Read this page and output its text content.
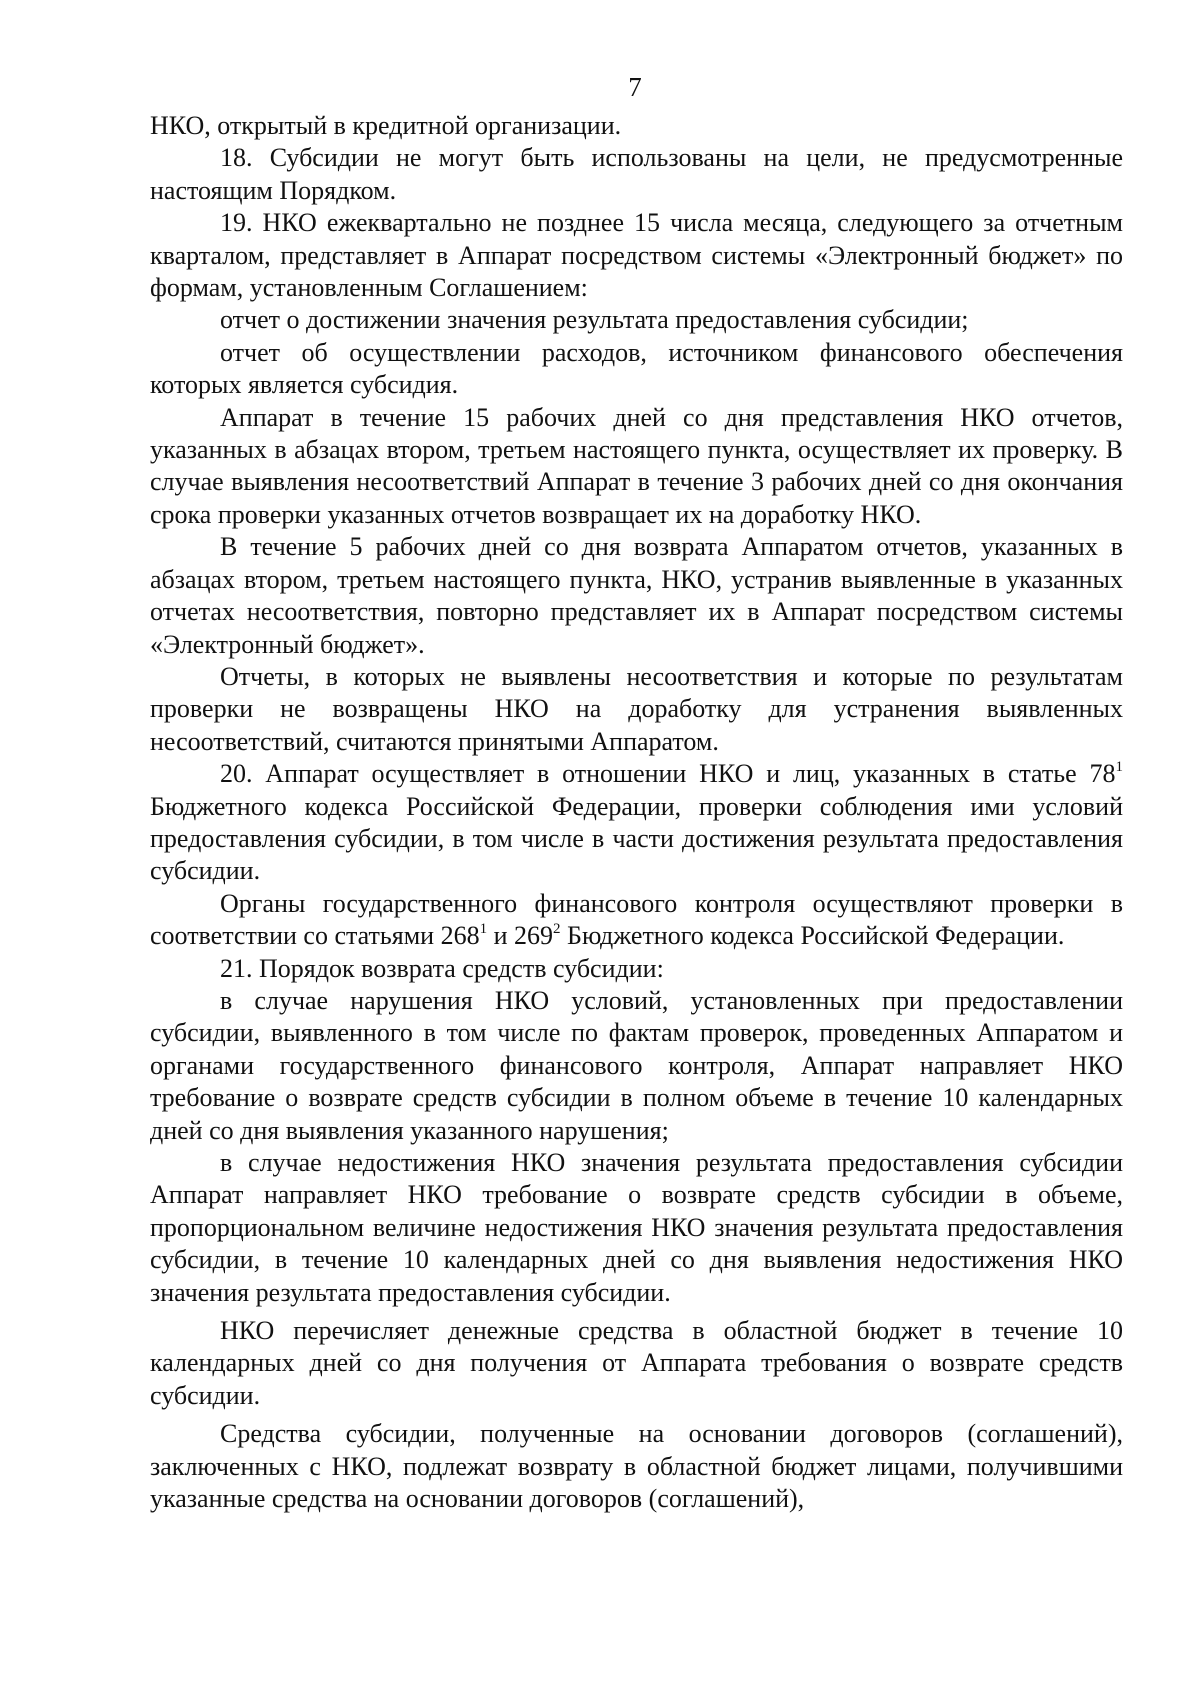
7

НКО, открытый в кредитной организации.

18. Субсидии не могут быть использованы на цели, не предусмотренные настоящим Порядком.

19. НКО ежеквартально не позднее 15 числа месяца, следующего за отчетным кварталом, представляет в Аппарат посредством системы «Электронный бюджет» по формам, установленным Соглашением:

отчет о достижении значения результата предоставления субсидии;

отчет об осуществлении расходов, источником финансового обеспечения которых является субсидия.

Аппарат в течение 15 рабочих дней со дня представления НКО отчетов, указанных в абзацах втором, третьем настоящего пункта, осуществляет их проверку. В случае выявления несоответствий Аппарат в течение 3 рабочих дней со дня окончания срока проверки указанных отчетов возвращает их на доработку НКО.

В течение 5 рабочих дней со дня возврата Аппаратом отчетов, указанных в абзацах втором, третьем настоящего пункта, НКО, устранив выявленные в указанных отчетах несоответствия, повторно представляет их в Аппарат посредством системы «Электронный бюджет».

Отчеты, в которых не выявлены несоответствия и которые по результатам проверки не возвращены НКО на доработку для устранения выявленных несоответствий, считаются принятыми Аппаратом.

20. Аппарат осуществляет в отношении НКО и лиц, указанных в статье $78^1$ Бюджетного кодекса Российской Федерации, проверки соблюдения ими условий предоставления субсидии, в том числе в части достижения результата предоставления субсидии.

Органы государственного финансового контроля осуществляют проверки в соответствии со статьями $268^1$ и $269^2$ Бюджетного кодекса Российской Федерации.

21. Порядок возврата средств субсидии:

в случае нарушения НКО условий, установленных при предоставлении субсидии, выявленного в том числе по фактам проверок, проведенных Аппаратом и органами государственного финансового контроля, Аппарат направляет НКО требование о возврате средств субсидии в полном объеме в течение 10 календарных дней со дня выявления указанного нарушения;

в случае недостижения НКО значения результата предоставления субсидии Аппарат направляет НКО требование о возврате средств субсидии в объеме, пропорциональном величине недостижения НКО значения результата предоставления субсидии, в течение 10 календарных дней со дня выявления недостижения НКО значения результата предоставления субсидии.

НКО перечисляет денежные средства в областной бюджет в течение 10 календарных дней со дня получения от Аппарата требования о возврате средств субсидии.

Средства субсидии, полученные на основании договоров (соглашений), заключенных с НКО, подлежат возврату в областной бюджет лицами, получившими указанные средства на основании договоров (соглашений),
